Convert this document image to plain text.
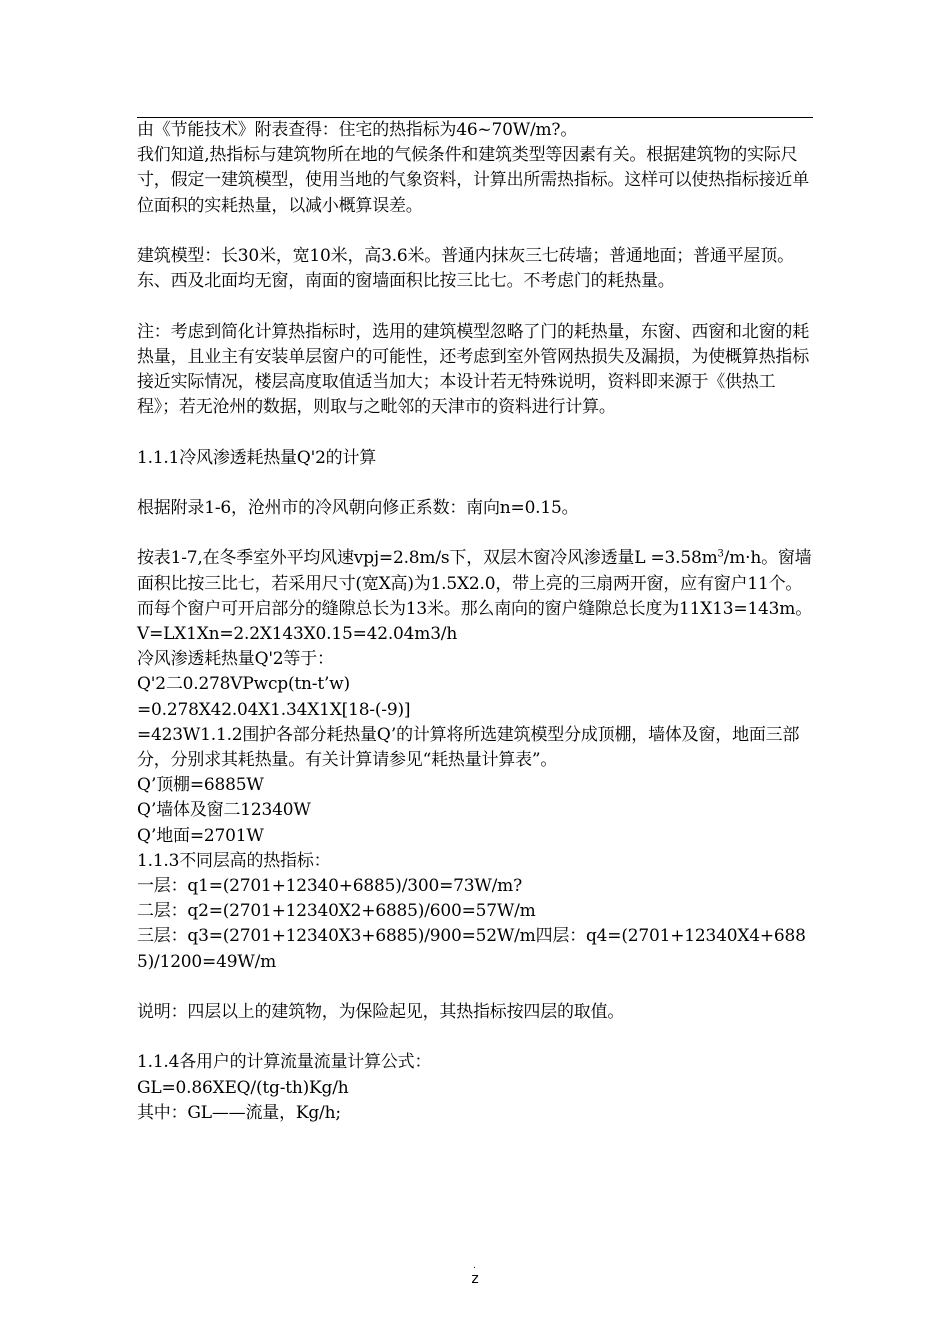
由《节能技术》附表查得：住宅的热指标为46~70W/m?。

我们知道,热指标与建筑物所在地的气候条件和建筑类型等因素有关。根据建筑物的实际尺寸，假定一建筑模型，使用当地的气象资料，计算出所需热指标。这样可以使热指标接近单位面积的实耗热量，以减小概算误差。

建筑模型：长30米，宽10米，高3.6米。普通内抹灰三七砖墙；普通地面；普通平屋顶。东、西及北面均无窗，南面的窗墙面积比按三比七。不考虑门的耗热量。

注：考虑到简化计算热指标时，选用的建筑模型忽略了门的耗热量，东窗、西窗和北窗的耗热量，且业主有安装单层窗户的可能性，还考虑到室外管网热损失及漏损，为使概算热指标接近实际情况，楼层高度取值适当加大；本设计若无特殊说明，资料即来源于《供热工程》；若无沧州的数据，则取与之毗邻的天津市的资料进行计算。

1.1.1冷风渗透耗热量Q'2的计算

根据附录1-6，沧州市的冷风朝向修正系数：南向n=0.15。

按表1-7,在冬季室外平均风速vpj=2.8m/s下，双层木窗冷风渗透量$L =3.58m^3/m\cdot h$。窗墙面积比按三比七，若采用尺寸(宽X高)为1.5X2.0，带上亮的三扇两开窗，应有窗户11个。而每个窗户可开启部分的缝隙总长为13米。那么南向的窗户缝隙总长度为11X13=143m。

V=LX1Xn=2.2X143X0.15=42.04m3/h

冷风渗透耗热量Q'2等于：

Q'2二0.278VPwcp(tn-t’w)

=0.278X42.04X1.34X1X[18-(-9)]

=423W1.1.2围护各部分耗热量Q’的计算将所选建筑模型分成顶棚，墙体及窗，地面三部分，分别求其耗热量。有关计算请参见“耗热量计算表”。

Q’顶棚=6885W

Q’墙体及窗二12340W

Q’地面=2701W

1.1.3不同层高的热指标：

一层：q1=(2701+12340+6885)/300=73W/m?

二层：q2=(2701+12340X2+6885)/600=57W/m

三层：q3=(2701+12340X3+6885)/900=52W/m四层：q4=(2701+12340X4+6885)/1200=49W/m

说明：四层以上的建筑物，为保险起见，其热指标按四层的取值。

1.1.4各用户的计算流量流量计算公式：

GL=0.86XEQ/(tg-th)Kg/h

其中：GL——流量，Kg/h;

.
z
